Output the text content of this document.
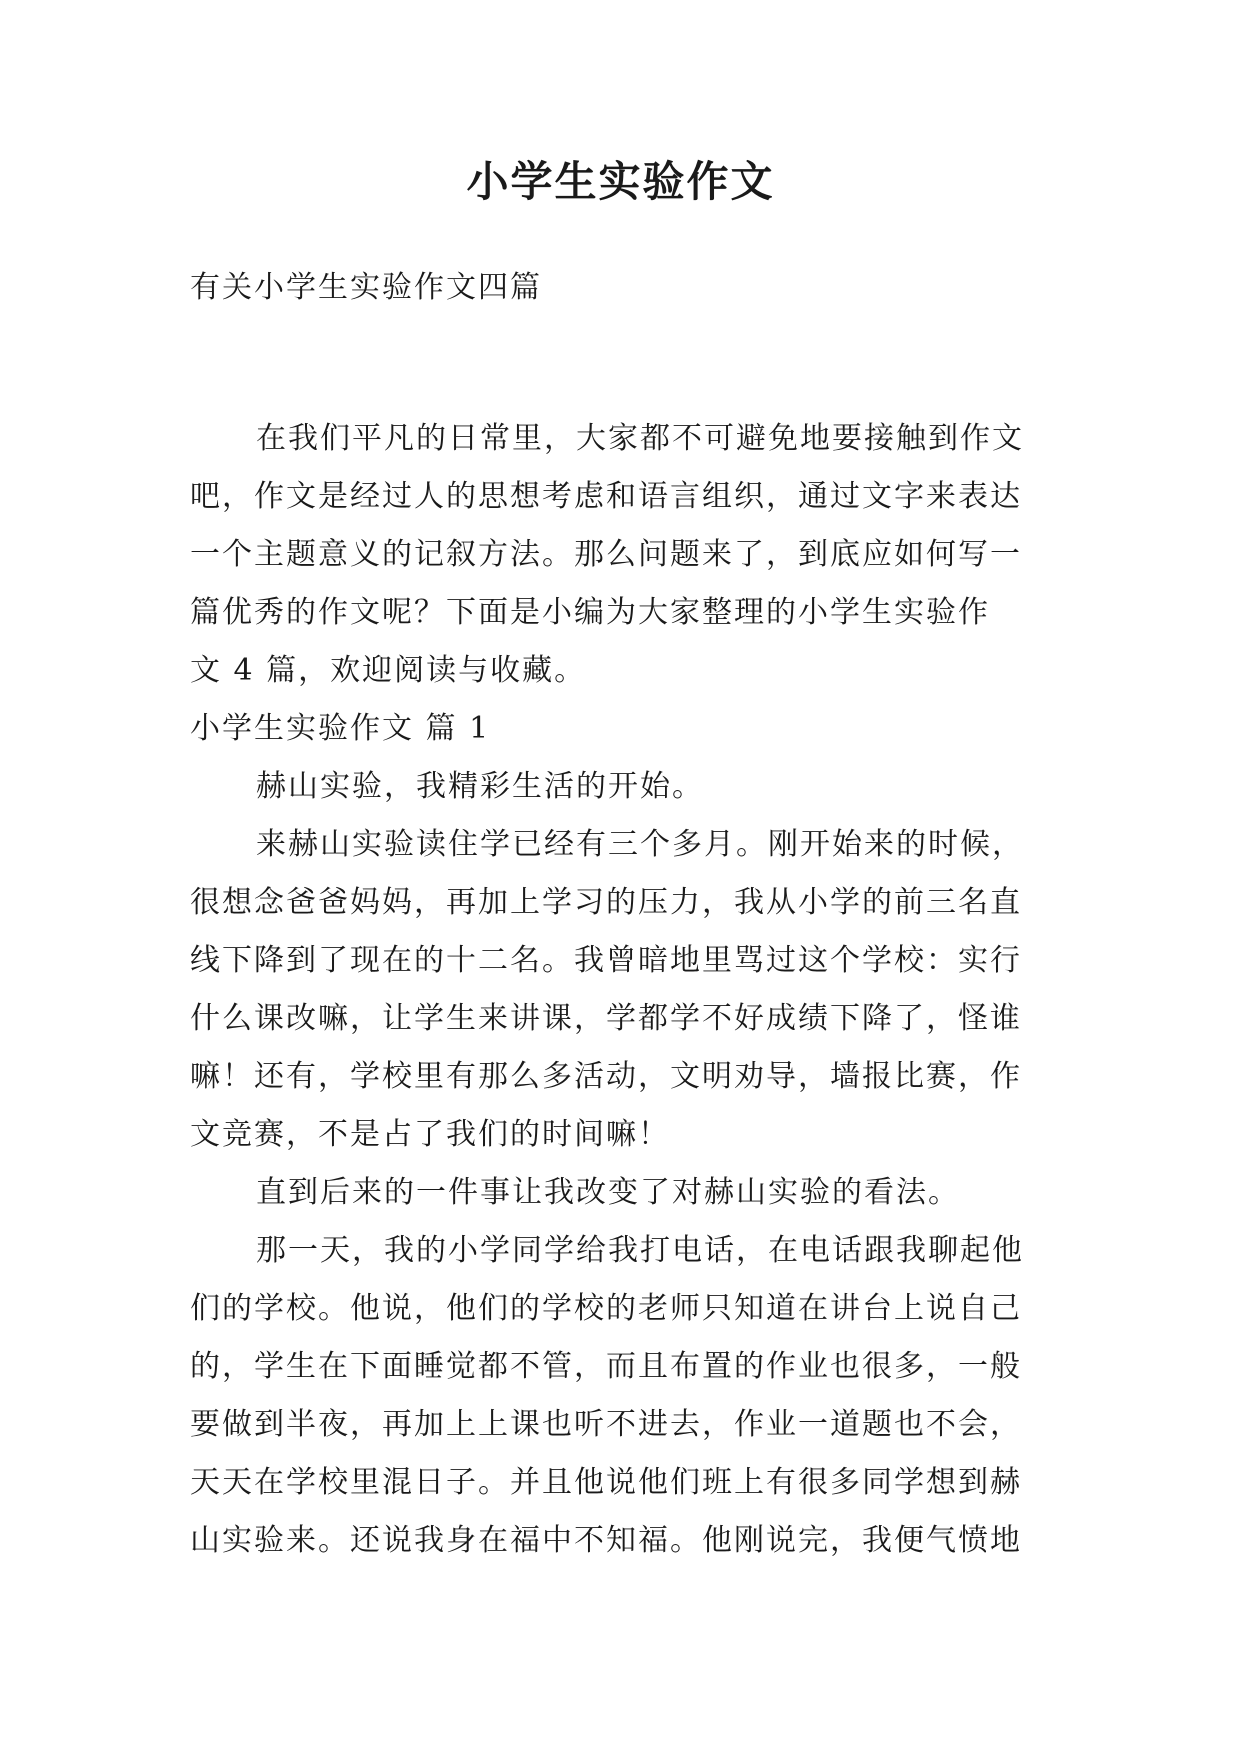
小学生实验作文

有关小学生实验作文四篇

在我们平凡的日常里，大家都不可避免地要接触到作文
吧，作文是经过人的思想考虑和语言组织，通过文字来表达
一个主题意义的记叙方法。那么问题来了，到底应如何写一
篇优秀的作文呢？下面是小编为大家整理的小学生实验作
文 4 篇，欢迎阅读与收藏。
小学生实验作文 篇 1
赫山实验，我精彩生活的开始。
来赫山实验读住学已经有三个多月。刚开始来的时候，
很想念爸爸妈妈，再加上学习的压力，我从小学的前三名直
线下降到了现在的十二名。我曾暗地里骂过这个学校：实行
什么课改嘛，让学生来讲课，学都学不好成绩下降了，怪谁
嘛！还有，学校里有那么多活动，文明劝导，墙报比赛，作
文竞赛，不是占了我们的时间嘛！
直到后来的一件事让我改变了对赫山实验的看法。
那一天，我的小学同学给我打电话，在电话跟我聊起他
们的学校。他说，他们的学校的老师只知道在讲台上说自己
的，学生在下面睡觉都不管，而且布置的作业也很多，一般
要做到半夜，再加上上课也听不进去，作业一道题也不会，
天天在学校里混日子。并且他说他们班上有很多同学想到赫
山实验来。还说我身在福中不知福。他刚说完，我便气愤地
